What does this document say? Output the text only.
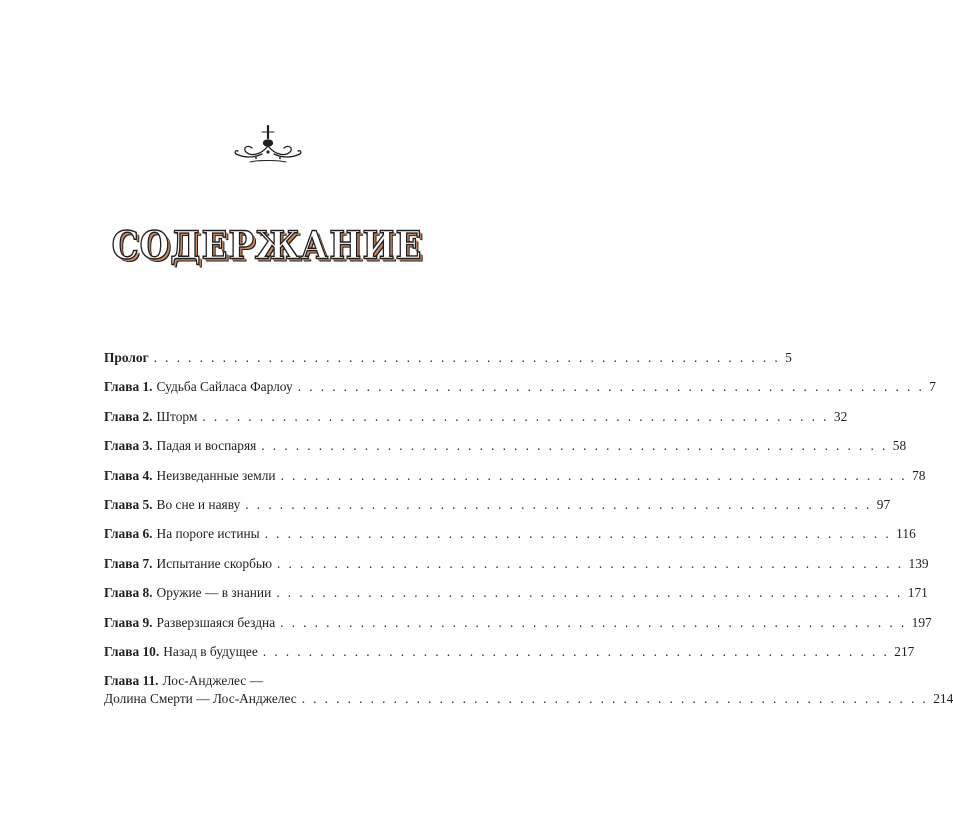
СОДЕРЖАНИЕ
Пролог . . . . . . . . . . . . . . . . . . . . . . . . . . . . . . . . . . . . . . . . . . . . . . . . . . . . . . . 5
Глава 1. Судьба Сайласа Фарлоу . . . . . . . . . . . . . . . . . . . . . . . . . . . . . . . . . . . . . . . . . . . . . . . . . . . . . . . 7
Глава 2. Шторм . . . . . . . . . . . . . . . . . . . . . . . . . . . . . . . . . . . . . . . . . . . . . . . . . . . . . . . 32
Глава 3. Падая и воспаряя . . . . . . . . . . . . . . . . . . . . . . . . . . . . . . . . . . . . . . . . . . . . . . . . . . . . . . . 58
Глава 4. Неизведанные земли . . . . . . . . . . . . . . . . . . . . . . . . . . . . . . . . . . . . . . . . . . . . . . . . . . . . . . . 78
Глава 5. Во сне и наяву . . . . . . . . . . . . . . . . . . . . . . . . . . . . . . . . . . . . . . . . . . . . . . . . . . . . . . . 97
Глава 6. На пороге истины . . . . . . . . . . . . . . . . . . . . . . . . . . . . . . . . . . . . . . . . . . . . . . . . . . . . . . . 116
Глава 7. Испытание скорбью . . . . . . . . . . . . . . . . . . . . . . . . . . . . . . . . . . . . . . . . . . . . . . . . . . . . . . . 139
Глава 8. Оружие — в знании . . . . . . . . . . . . . . . . . . . . . . . . . . . . . . . . . . . . . . . . . . . . . . . . . . . . . . . 171
Глава 9. Разверзшаяся бездна . . . . . . . . . . . . . . . . . . . . . . . . . . . . . . . . . . . . . . . . . . . . . . . . . . . . . . . 197
Глава 10. Назад в будущее . . . . . . . . . . . . . . . . . . . . . . . . . . . . . . . . . . . . . . . . . . . . . . . . . . . . . . . 217
Глава 11. Лос-Анджелес —
Долина Смерти — Лос-Анджелес . . . . . . . . . . . . . . . . . . . . . . . . . . . . . . . . . . . . . . . . . . . . . . . . . . . . . . . 214
